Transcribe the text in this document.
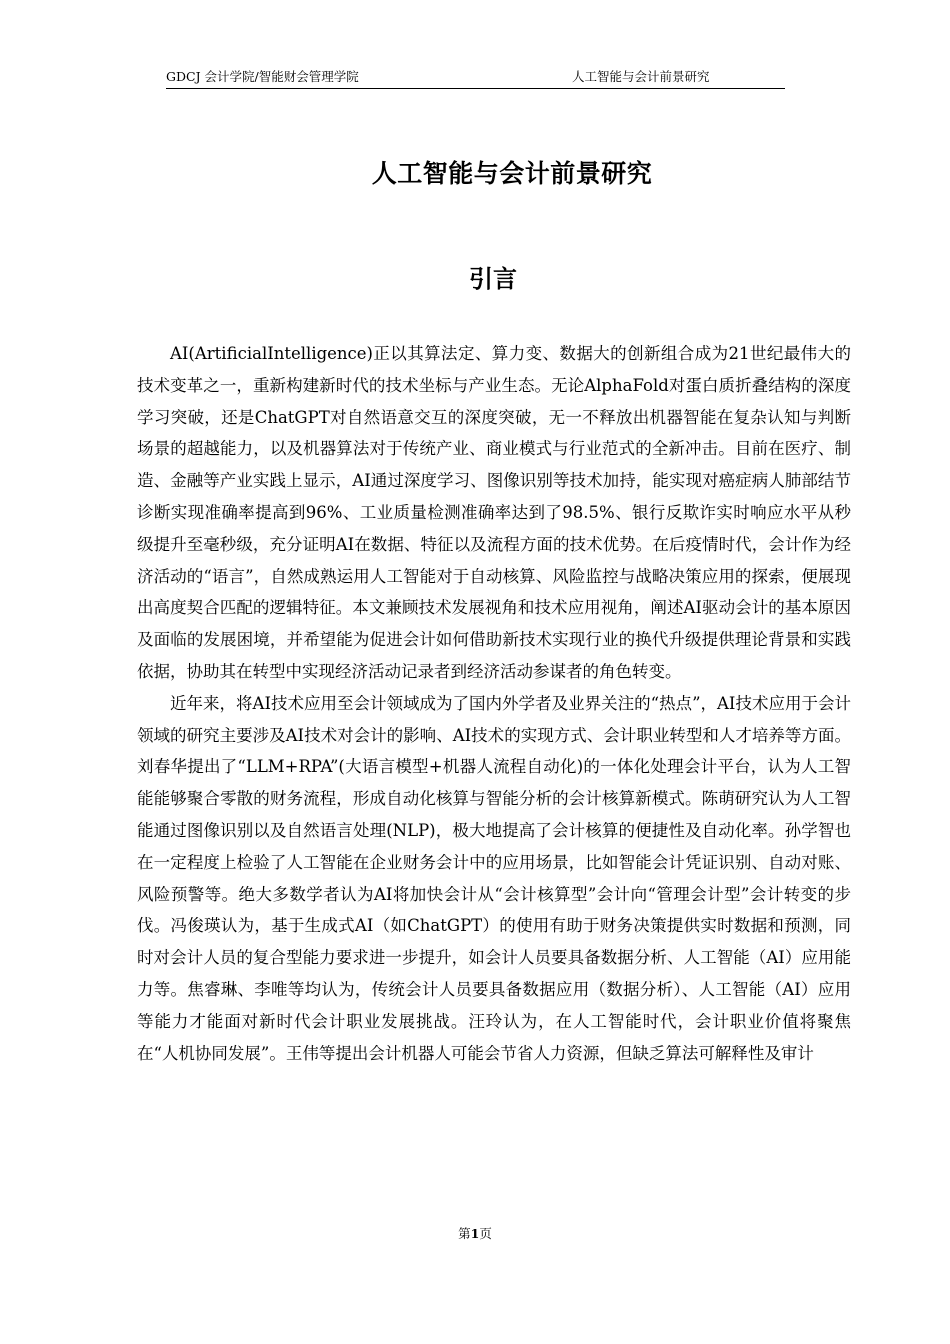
GDCJ 会计学院/智能财会管理学院	人工智能与会计前景研究
人工智能与会计前景研究
引言

AI(ArtificialIntelligence)正以其算法定、算力变、数据大的创新组合成为21世纪最伟大的技术变革之一，重新构建新时代的技术坐标与产业生态。无论AlphaFold对蛋白质折叠结构的深度学习突破，还是ChatGPT对自然语意交互的深度突破，无一不释放出机器智能在复杂认知与判断场景的超越能力，以及机器算法对于传统产业、商业模式与行业范式的全新冲击。目前在医疗、制造、金融等产业实践上显示，AI通过深度学习、图像识别等技术加持，能实现对癌症病人肺部结节诊断实现准确率提高到96%、工业质量检测准确率达到了98.5%、银行反欺诈实时响应水平从秒级提升至毫秒级，充分证明AI在数据、特征以及流程方面的技术优势。在后疫情时代，会计作为经济活动的“语言”，自然成熟运用人工智能对于自动核算、风险监控与战略决策应用的探索，便展现出高度契合匹配的逻辑特征。本文兼顾技术发展视角和技术应用视角，阐述AI驱动会计的基本原因及面临的发展困境，并希望能为促进会计如何借助新技术实现行业的换代升级提供理论背景和实践依据，协助其在转型中实现经济活动记录者到经济活动参谋者的角色转变。

近年来，将AI技术应用至会计领域成为了国内外学者及业界关注的“热点”，AI技术应用于会计领域的研究主要涉及AI技术对会计的影响、AI技术的实现方式、会计职业转型和人才培养等方面。刘春华提出了“LLM+RPA”(大语言模型+机器人流程自动化)的一体化处理会计平台，认为人工智能能够聚合零散的财务流程，形成自动化核算与智能分析的会计核算新模式。陈萌研究认为人工智能通过图像识别以及自然语言处理(NLP)，极大地提高了会计核算的便捷性及自动化率。孙学智也在一定程度上检验了人工智能在企业财务会计中的应用场景，比如智能会计凭证识别、自动对账、风险预警等。绝大多数学者认为AI将加快会计从“会计核算型”会计向“管理会计型”会计转变的步伐。冯俊瑛认为，基于生成式AI（如ChatGPT）的使用有助于财务决策提供实时数据和预测，同时对会计人员的复合型能力要求进一步提升，如会计人员要具备数据分析、人工智能（AI）应用能力等。焦睿琳、李唯等均认为，传统会计人员要具备数据应用（数据分析）、人工智能（AI）应用等能力才能面对新时代会计职业发展挑战。汪玲认为，在人工智能时代，会计职业价值将聚焦在“人机协同发展”。王伟等提出会计机器人可能会节省人力资源，但缺乏算法可解释性及审计

第1页
